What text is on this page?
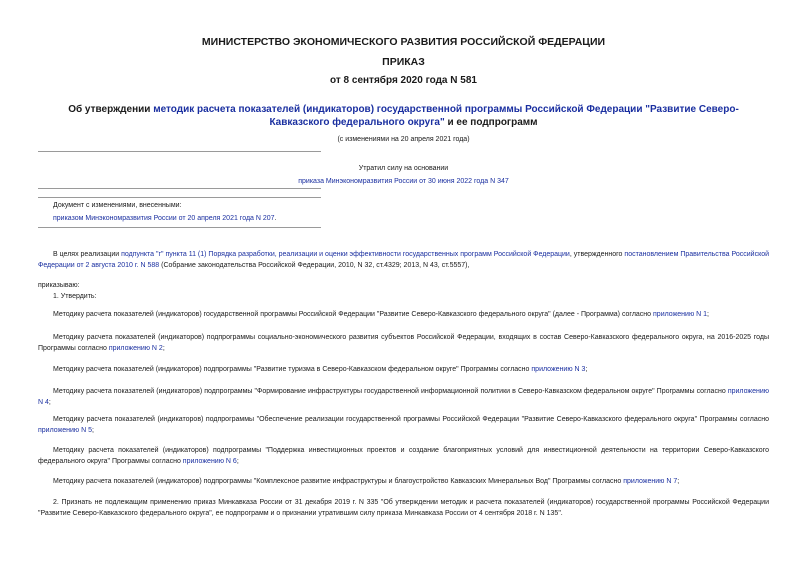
МИНИСТЕРСТВО ЭКОНОМИЧЕСКОГО РАЗВИТИЯ РОССИЙСКОЙ ФЕДЕРАЦИИ
ПРИКАЗ
от 8 сентября 2020 года N 581
Об утверждении методик расчета показателей (индикаторов) государственной программы Российской Федерации "Развитие Северо-Кавказского федерального округа" и ее подпрограмм
(с изменениями на 20 апреля 2021 года)
Утратил силу на основании
приказа Минэкономразвития России от 30 июня 2022 года N 347
Документ с изменениями, внесенными:
приказом Минэкономразвития России от 20 апреля 2021 года N 207.
В целях реализации подпункта "г" пункта 11 (1) Порядка разработки, реализации и оценки эффективности государственных программ Российской Федерации, утвержденного постановлением Правительства Российской Федерации от 2 августа 2010 г. N 588 (Собрание законодательства Российской Федерации, 2010, N 32, ст.4329; 2013, N 43, ст.5557),
приказываю:
1. Утвердить:
Методику расчета показателей (индикаторов) государственной программы Российской Федерации "Развитие Северо-Кавказского федерального округа" (далее - Программа) согласно приложению N 1;
Методику расчета показателей (индикаторов) подпрограммы социально-экономического развития субъектов Российской Федерации, входящих в состав Северо-Кавказского федерального округа, на 2016-2025 годы Программы согласно приложению N 2;
Методику расчета показателей (индикаторов) подпрограммы "Развитие туризма в Северо-Кавказском федеральном округе" Программы согласно приложению N 3;
Методику расчета показателей (индикаторов) подпрограммы "Формирование инфраструктуры государственной информационной политики в Северо-Кавказском федеральном округе" Программы согласно приложению N 4;
Методику расчета показателей (индикаторов) подпрограммы "Обеспечение реализации государственной программы Российской Федерации "Развитие Северо-Кавказского федерального округа" Программы согласно приложению N 5;
Методику расчета показателей (индикаторов) подпрограммы "Поддержка инвестиционных проектов и создание благоприятных условий для инвестиционной деятельности на территории Северо-Кавказского федерального округа" Программы согласно приложению N 6;
Методику расчета показателей (индикаторов) подпрограммы "Комплексное развитие инфраструктуры и благоустройство Кавказских Минеральных Вод" Программы согласно приложению N 7;
2. Признать не подлежащим применению приказ Минкавказа России от 31 декабря 2019 г. N 335 "Об утверждении методик и расчета показателей (индикаторов) государственной программы Российской Федерации "Развитие Северо-Кавказского федерального округа", ее подпрограмм и о признании утратившим силу приказа Минкавказа России от 4 сентября 2018 г. N 135".
